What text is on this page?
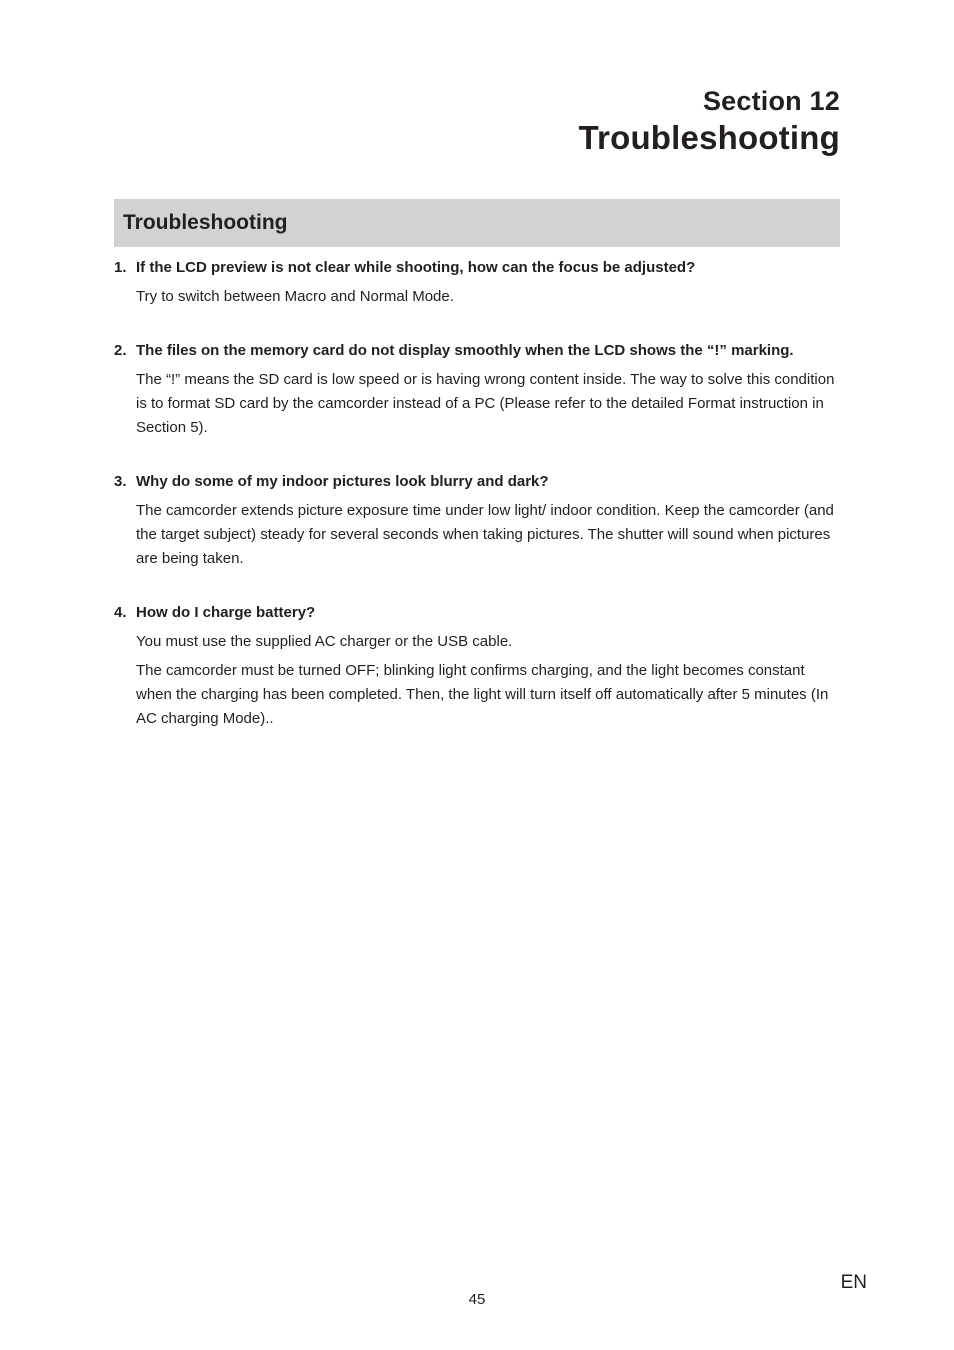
Section 12
Troubleshooting
Troubleshooting
1. If the LCD preview is not clear while shooting, how can the focus be adjusted?

Try to switch between Macro and Normal Mode.

2. The files on the memory card do not display smoothly when the LCD shows the “!” marking.

The “!” means the SD card is low speed or is having wrong content inside. The way to solve this condition is to format SD card by the camcorder instead of a PC (Please refer to the detailed Format instruction in Section 5).

3. Why do some of my indoor pictures look blurry and dark?

The camcorder extends picture exposure time under low light/ indoor condition. Keep the camcorder (and the target subject) steady for several seconds when taking pictures. The shutter will sound when pictures are being taken.

4. How do I charge battery?

You must use the supplied AC charger or the USB cable.

The camcorder must be turned OFF; blinking light confirms charging, and the light becomes constant when the charging has been completed. Then, the light will turn itself off automatically after 5 minutes (In AC charging Mode)..

45
EN
